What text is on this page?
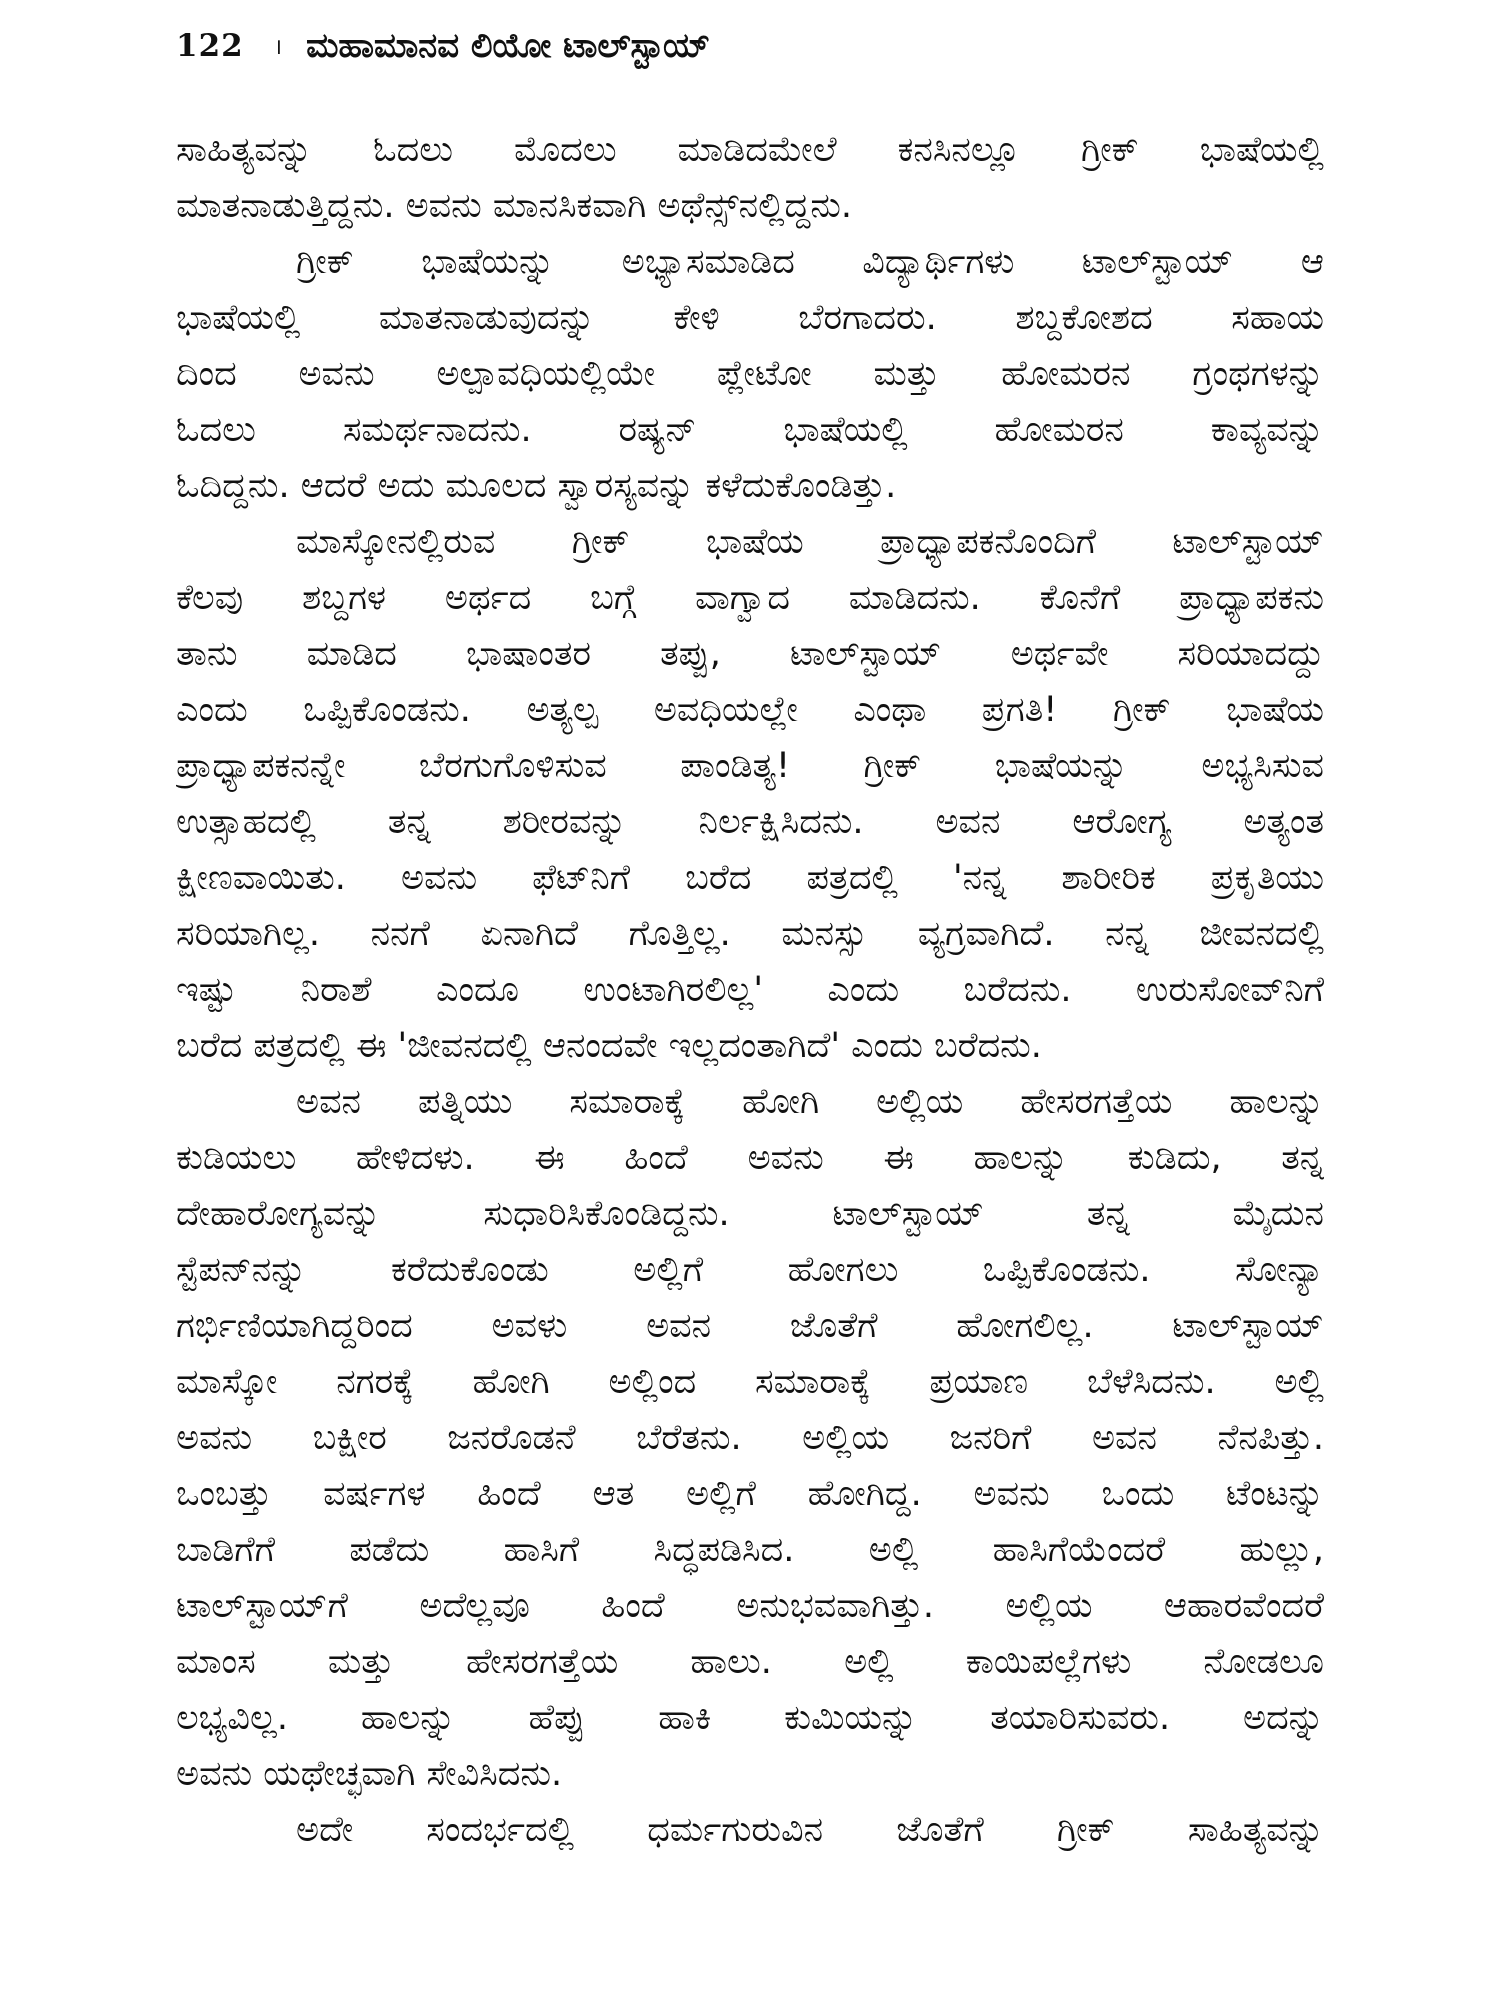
122 । ಮಹಾಮಾನವ ಲಿಯೋ ಟಾಲ್‌ಸ್ಟಾಯ್
ಸಾಹಿತ್ಯವನ್ನು ಓದಲು ಮೊದಲು ಮಾಡಿದಮೇಲೆ ಕನಸಿನಲ್ಲೂ ಗ್ರೀಕ್ ಭಾಷೆಯಲ್ಲಿ
ಮಾತನಾಡುತ್ತಿದ್ದನು. ಅವನು ಮಾನಸಿಕವಾಗಿ ಅಥೆನ್ಸ್‌ನಲ್ಲಿದ್ದನು.
ಗ್ರೀಕ್ ಭಾಷೆಯನ್ನು ಅಭ್ಯಾಸಮಾಡಿದ ವಿದ್ಯಾರ್ಥಿಗಳು ಟಾಲ್‌ಸ್ಟಾಯ್ ಆ
ಭಾಷೆಯಲ್ಲಿ ಮಾತನಾಡುವುದನ್ನು ಕೇಳಿ ಬೆರಗಾದರು. ಶಬ್ದಕೋಶದ ಸಹಾಯ
ದಿಂದ ಅವನು ಅಲ್ಪಾವಧಿಯಲ್ಲಿಯೇ ಪ್ಲೇಟೋ ಮತ್ತು ಹೋಮರನ ಗ್ರಂಥಗಳನ್ನು
ಓದಲು ಸಮರ್ಥನಾದನು. ರಷ್ಯನ್ ಭಾಷೆಯಲ್ಲಿ ಹೋಮರನ ಕಾವ್ಯವನ್ನು
ಓದಿದ್ದನು. ಆದರೆ ಅದು ಮೂಲದ ಸ್ವಾರಸ್ಯವನ್ನು ಕಳೆದುಕೊಂಡಿತ್ತು.
ಮಾಸ್ಕೋನಲ್ಲಿರುವ ಗ್ರೀಕ್ ಭಾಷೆಯ ಪ್ರಾಧ್ಯಾಪಕನೊಂದಿಗೆ ಟಾಲ್‌ಸ್ಟಾಯ್
ಕೆಲವು ಶಬ್ದಗಳ ಅರ್ಥದ ಬಗ್ಗೆ ವಾಗ್ವಾದ ಮಾಡಿದನು. ಕೊನೆಗೆ ಪ್ರಾಧ್ಯಾಪಕನು
ತಾನು ಮಾಡಿದ ಭಾಷಾಂತರ ತಪ್ಪು, ಟಾಲ್‌ಸ್ಟಾಯ್ ಅರ್ಥವೇ ಸರಿಯಾದದ್ದು
ಎಂದು ಒಪ್ಪಿಕೊಂಡನು. ಅತ್ಯಲ್ಪ ಅವಧಿಯಲ್ಲೇ ಎಂಥಾ ಪ್ರಗತಿ! ಗ್ರೀಕ್ ಭಾಷೆಯ
ಪ್ರಾಧ್ಯಾಪಕನನ್ನೇ ಬೆರಗುಗೊಳಿಸುವ ಪಾಂಡಿತ್ಯ! ಗ್ರೀಕ್ ಭಾಷೆಯನ್ನು ಅಭ್ಯಸಿಸುವ
ಉತ್ಸಾಹದಲ್ಲಿ ತನ್ನ ಶರೀರವನ್ನು ನಿರ್ಲಕ್ಷಿಸಿದನು. ಅವನ ಆರೋಗ್ಯ ಅತ್ಯಂತ
ಕ್ಷೀಣವಾಯಿತು. ಅವನು ಫೆಟ್‌ನಿಗೆ ಬರೆದ ಪತ್ರದಲ್ಲಿ 'ನನ್ನ ಶಾರೀರಿಕ ಪ್ರಕೃತಿಯು
ಸರಿಯಾಗಿಲ್ಲ. ನನಗೆ ಏನಾಗಿದೆ ಗೊತ್ತಿಲ್ಲ. ಮನಸ್ಸು ವ್ಯಗ್ರವಾಗಿದೆ. ನನ್ನ ಜೀವನದಲ್ಲಿ
ಇಷ್ಟು ನಿರಾಶೆ ಎಂದೂ ಉಂಟಾಗಿರಲಿಲ್ಲ' ಎಂದು ಬರೆದನು. ಉರುಸೋವ್‌ನಿಗೆ
ಬರೆದ ಪತ್ರದಲ್ಲಿ ಈ 'ಜೀವನದಲ್ಲಿ ಆನಂದವೇ ಇಲ್ಲದಂತಾಗಿದೆ' ಎಂದು ಬರೆದನು.
ಅವನ ಪತ್ನಿಯು ಸಮಾರಾಕ್ಕೆ ಹೋಗಿ ಅಲ್ಲಿಯ ಹೇಸರಗತ್ತೆಯ ಹಾಲನ್ನು
ಕುಡಿಯಲು ಹೇಳಿದಳು. ಈ ಹಿಂದೆ ಅವನು ಈ ಹಾಲನ್ನು ಕುಡಿದು, ತನ್ನ
ದೇಹಾರೋಗ್ಯವನ್ನು ಸುಧಾರಿಸಿಕೊಂಡಿದ್ದನು. ಟಾಲ್‌ಸ್ಟಾಯ್ ತನ್ನ ಮೈದುನ
ಸ್ಟೆಪನ್‌ನನ್ನು ಕರೆದುಕೊಂಡು ಅಲ್ಲಿಗೆ ಹೋಗಲು ಒಪ್ಪಿಕೊಂಡನು. ಸೋನ್ಯಾ
ಗರ್ಭಿಣಿಯಾಗಿದ್ದರಿಂದ ಅವಳು ಅವನ ಜೊತೆಗೆ ಹೋಗಲಿಲ್ಲ. ಟಾಲ್‌ಸ್ಟಾಯ್
ಮಾಸ್ಕೋ ನಗರಕ್ಕೆ ಹೋಗಿ ಅಲ್ಲಿಂದ ಸಮಾರಾಕ್ಕೆ ಪ್ರಯಾಣ ಬೆಳೆಸಿದನು. ಅಲ್ಲಿ
ಅವನು ಬಕ್ಷೀರ ಜನರೊಡನೆ ಬೆರೆತನು. ಅಲ್ಲಿಯ ಜನರಿಗೆ ಅವನ ನೆನಪಿತ್ತು.
ಒಂಬತ್ತು ವರ್ಷಗಳ ಹಿಂದೆ ಆತ ಅಲ್ಲಿಗೆ ಹೋಗಿದ್ದ. ಅವನು ಒಂದು ಟೆಂಟನ್ನು
ಬಾಡಿಗೆಗೆ ಪಡೆದು ಹಾಸಿಗೆ ಸಿದ್ಧಪಡಿಸಿದ. ಅಲ್ಲಿ ಹಾಸಿಗೆಯೆಂದರೆ ಹುಲ್ಲು,
ಟಾಲ್‌ಸ್ಟಾಯ್‌ಗೆ ಅದೆಲ್ಲವೂ ಹಿಂದೆ ಅನುಭವವಾಗಿತ್ತು. ಅಲ್ಲಿಯ ಆಹಾರವೆಂದರೆ
ಮಾಂಸ ಮತ್ತು ಹೇಸರಗತ್ತೆಯ ಹಾಲು. ಅಲ್ಲಿ ಕಾಯಿಪಲ್ಲೆಗಳು ನೋಡಲೂ
ಲಭ್ಯವಿಲ್ಲ. ಹಾಲನ್ನು ಹೆಪ್ಪು ಹಾಕಿ ಕುಮಿಯನ್ನು ತಯಾರಿಸುವರು. ಅದನ್ನು
ಅವನು ಯಥೇಚ್ಛವಾಗಿ ಸೇವಿಸಿದನು.
ಅದೇ ಸಂದರ್ಭದಲ್ಲಿ ಧರ್ಮಗುರುವಿನ ಜೊತೆಗೆ ಗ್ರೀಕ್ ಸಾಹಿತ್ಯವನ್ನು
